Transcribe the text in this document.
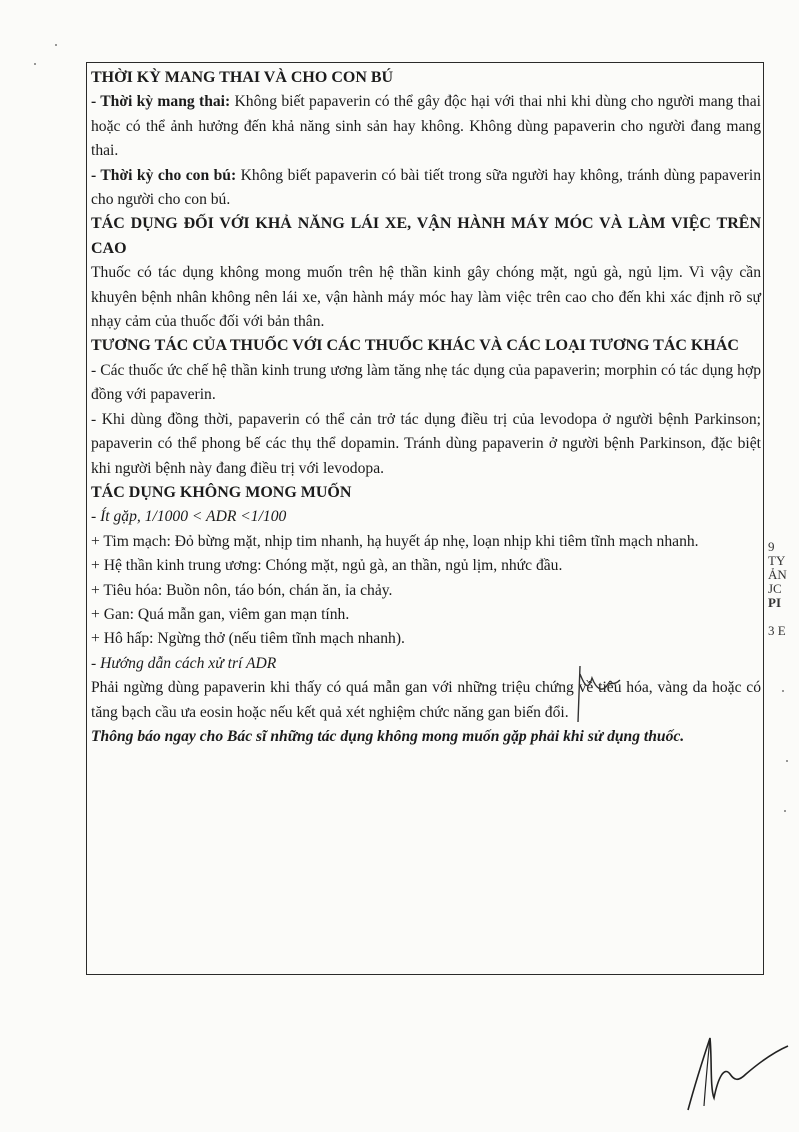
THỜI KỲ MANG THAI VÀ CHO CON BÚ

- Thời kỳ mang thai: Không biết papaverin có thể gây độc hại với thai nhi khi dùng cho người mang thai hoặc có thể ảnh hưởng đến khả năng sinh sản hay không. Không dùng papaverin cho người đang mang thai.

- Thời kỳ cho con bú: Không biết papaverin có bài tiết trong sữa người hay không, tránh dùng papaverin cho người cho con bú.

TÁC DỤNG ĐỐI VỚI KHẢ NĂNG LÁI XE, VẬN HÀNH MÁY MÓC VÀ LÀM VIỆC TRÊN CAO

Thuốc có tác dụng không mong muốn trên hệ thần kinh gây chóng mặt, ngủ gà, ngủ lịm. Vì vậy cần khuyên bệnh nhân không nên lái xe, vận hành máy móc hay làm việc trên cao cho đến khi xác định rõ sự nhạy cảm của thuốc đối với bản thân.

TƯƠNG TÁC CỦA THUỐC VỚI CÁC THUỐC KHÁC VÀ CÁC LOẠI TƯƠNG TÁC KHÁC

- Các thuốc ức chế hệ thần kinh trung ương làm tăng nhẹ tác dụng của papaverin; morphin có tác dụng hợp đồng với papaverin.

- Khi dùng đồng thời, papaverin có thể cản trở tác dụng điều trị của levodopa ở người bệnh Parkinson; papaverin có thể phong bế các thụ thể dopamin. Tránh dùng papaverin ở người bệnh Parkinson, đặc biệt khi người bệnh này đang điều trị với levodopa.

TÁC DỤNG KHÔNG MONG MUỐN

- Ít gặp, 1/1000 < ADR <1/100

+ Tim mạch: Đỏ bừng mặt, nhịp tim nhanh, hạ huyết áp nhẹ, loạn nhịp khi tiêm tĩnh mạch nhanh.

+ Hệ thần kinh trung ương: Chóng mặt, ngủ gà, an thần, ngủ lịm, nhức đầu.

+ Tiêu hóa: Buồn nôn, táo bón, chán ăn, ỉa chảy.

+ Gan: Quá mẫn gan, viêm gan mạn tính.

+ Hô hấp: Ngừng thở (nếu tiêm tĩnh mạch nhanh).

- Hướng dẫn cách xử trí ADR

Phải ngừng dùng papaverin khi thấy có quá mẫn gan với những triệu chứng về tiêu hóa, vàng da hoặc có tăng bạch cầu ưa eosin hoặc nếu kết quả xét nghiệm chức năng gan biến đổi.

Thông báo ngay cho Bác sĩ những tác dụng không mong muốn gặp phải khi sử dụng thuốc.

9
TY
ẢN
JC
PI
3 E
